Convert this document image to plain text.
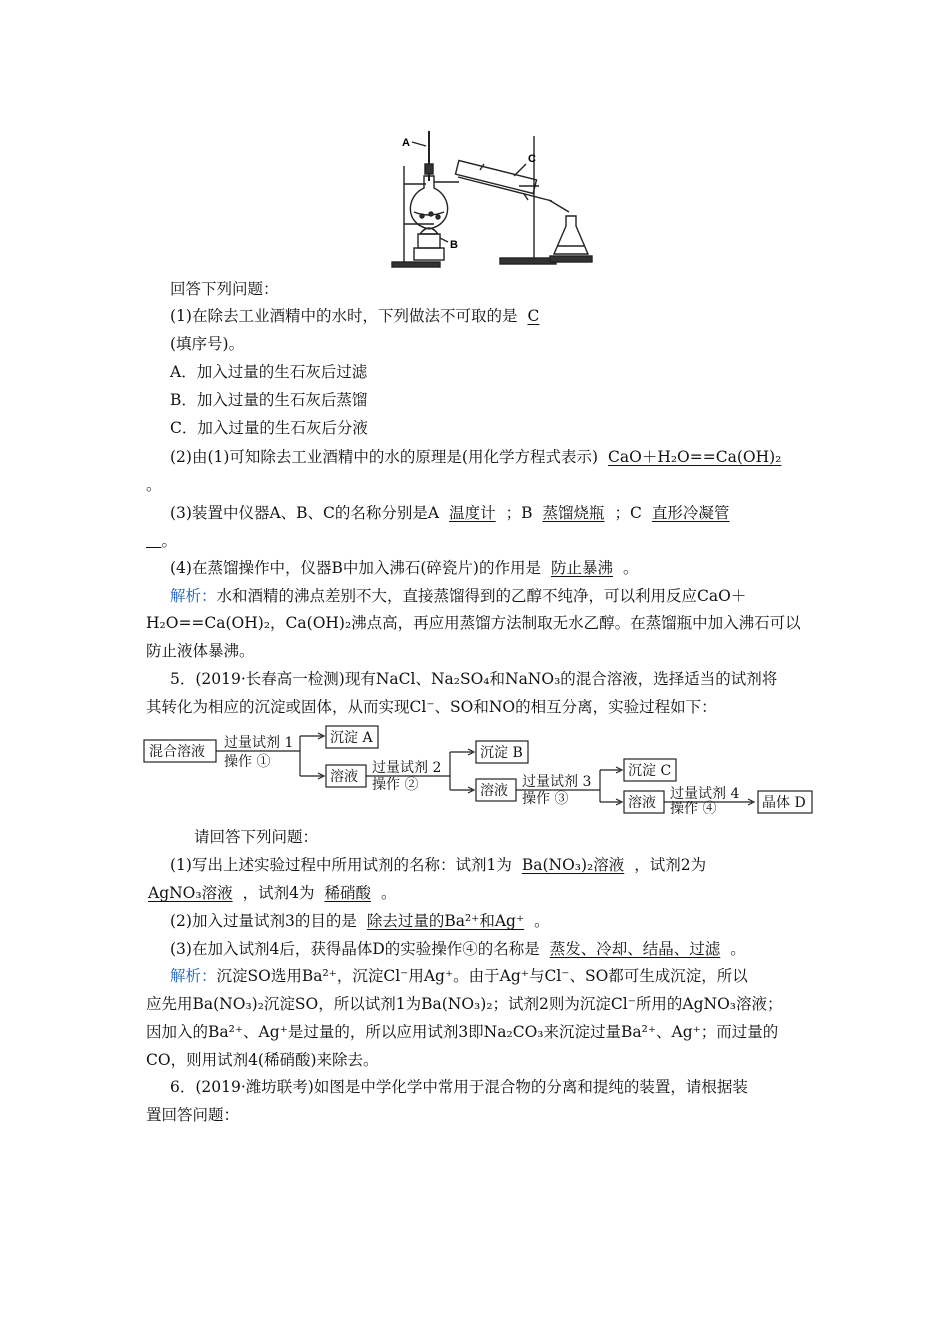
A
C
B
回答下列问题：
(1)在除去工业酒精中的水时，下列做法不可取的是 C
(填序号)。
A．加入过量的生石灰后过滤
B．加入过量的生石灰后蒸馏
C．加入过量的生石灰后分液
(2)由(1)可知除去工业酒精中的水的原理是(用化学方程式表示) CaO＋H₂O==Ca(OH)₂
。
(3)装置中仪器A、B、C的名称分别是A 温度计 ；B 蒸馏烧瓶 ；C 直形冷凝管
 。
(4)在蒸馏操作中，仪器B中加入沸石(碎瓷片)的作用是 防止暴沸 。
解析：水和酒精的沸点差别不大，直接蒸馏得到的乙醇不纯净，可以利用反应CaO＋
H₂O==Ca(OH)₂，Ca(OH)₂沸点高，再应用蒸馏方法制取无水乙醇。在蒸馏瓶中加入沸石可以
防止液体暴沸。
5．(2019·长春高一检测)现有NaCl、Na₂SO₄和NaNO₃的混合溶液，选择适当的试剂将
其转化为相应的沉淀或固体，从而实现Cl⁻、SO和NO的相互分离，实验过程如下：
混合溶液
过量试剂 1
操作 ①
沉淀 A
溶液
过量试剂 2
操作 ②
沉淀 B
溶液
过量试剂 3
操作 ③
沉淀 C
溶液
过量试剂 4
操作 ④	晶体 D
请回答下列问题：
(1)写出上述实验过程中所用试剂的名称：试剂1为 Ba(NO₃)₂溶液 ，试剂2为
AgNO₃溶液 ，试剂4为 稀硝酸 。
(2)加入过量试剂3的目的是 除去过量的Ba²⁺和Ag⁺ 。
(3)在加入试剂4后，获得晶体D的实验操作④的名称是 蒸发、冷却、结晶、过滤 。
解析：沉淀SO选用Ba²⁺，沉淀Cl⁻用Ag⁺。由于Ag⁺与Cl⁻、SO都可生成沉淀，所以
应先用Ba(NO₃)₂沉淀SO，所以试剂1为Ba(NO₃)₂；试剂2则为沉淀Cl⁻所用的AgNO₃溶液；
因加入的Ba²⁺、Ag⁺是过量的，所以应用试剂3即Na₂CO₃来沉淀过量Ba²⁺、Ag⁺；而过量的
CO，则用试剂4(稀硝酸)来除去。
6．(2019·潍坊联考)如图是中学化学中常用于混合物的分离和提纯的装置，请根据装
置回答问题：
